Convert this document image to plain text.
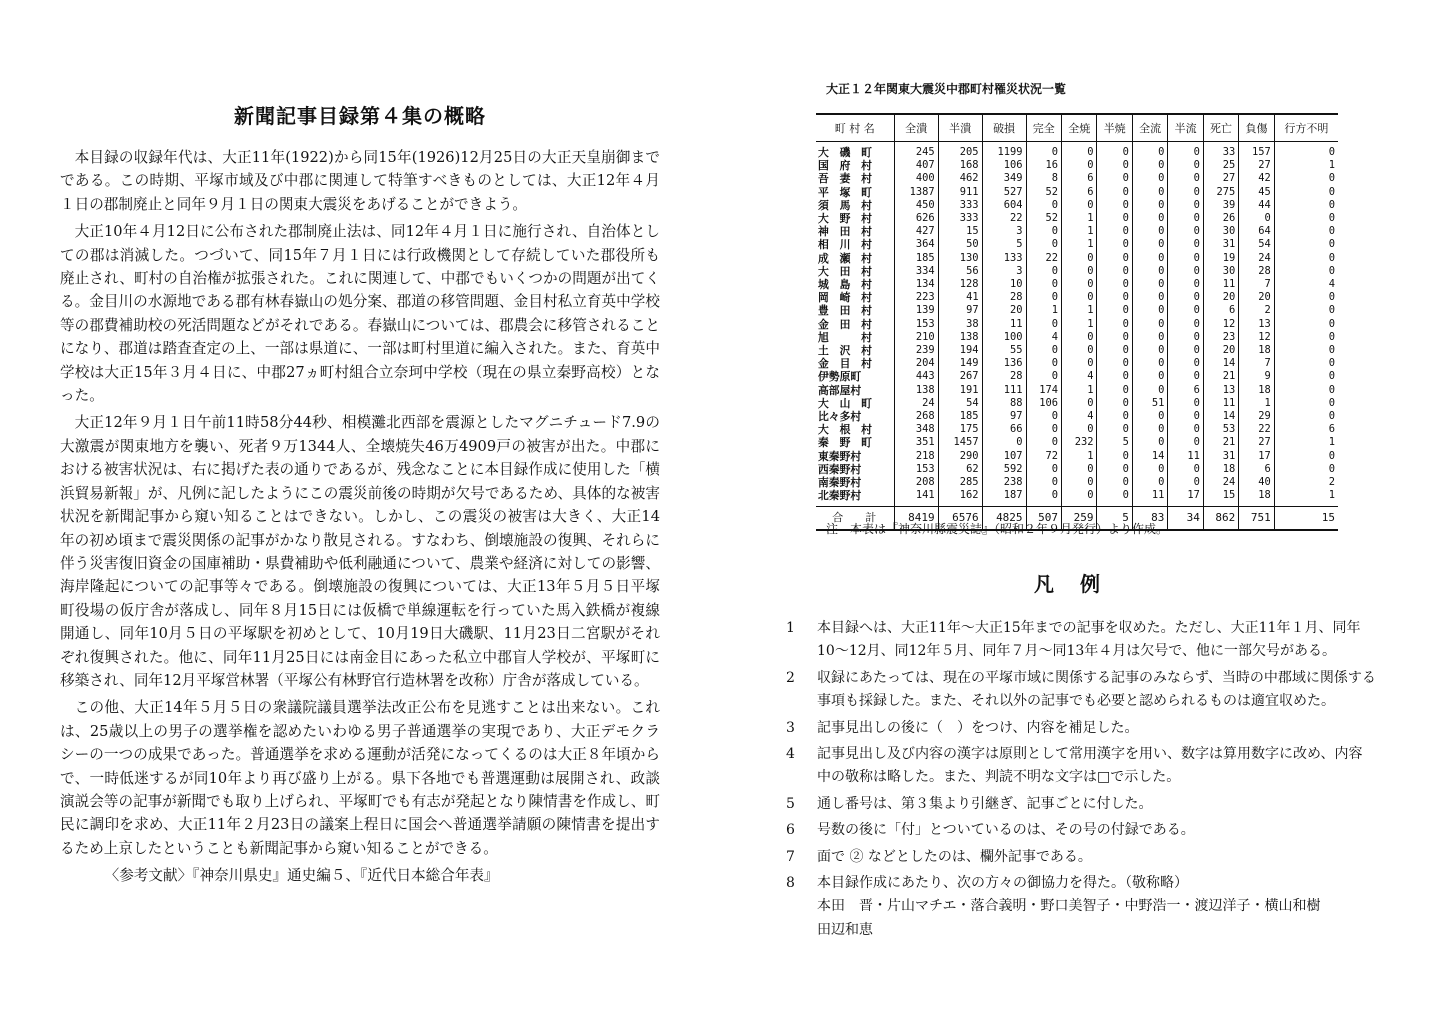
新聞記事目録第４集の概略

本目録の収録年代は、大正11年(1922)から同15年(1926)12月25日の大正天皇崩御までである。この時期、平塚市域及び中郡に関連して特筆すべきものとしては、大正12年４月１日の郡制廃止と同年９月１日の関東大震災をあげることができよう。

大正10年４月12日に公布された郡制廃止法は、同12年４月１日に施行され、自治体としての郡は消滅した。つづいて、同15年７月１日には行政機関として存続していた郡役所も廃止され、町村の自治権が拡張された。これに関連して、中郡でもいくつかの問題が出てくる。金目川の水源地である郡有林春嶽山の処分案、郡道の移管問題、金目村私立育英中学校等の郡費補助校の死活問題などがそれである。春嶽山については、郡農会に移管されることになり、郡道は踏査査定の上、一部は県道に、一部は町村里道に編入された。また、育英中学校は大正15年３月４日に、中郡27ヵ町村組合立奈珂中学校（現在の県立秦野高校）となった。

大正12年９月１日午前11時58分44秒、相模灘北西部を震源としたマグニチュード7.9の大激震が関東地方を襲い、死者９万1344人、全壊焼失46万4909戸の被害が出た。中郡における被害状況は、右に掲げた表の通りであるが、残念なことに本目録作成に使用した「横浜貿易新報」が、凡例に記したようにこの震災前後の時期が欠号であるため、具体的な被害状況を新聞記事から窺い知ることはできない。しかし、この震災の被害は大きく、大正14年の初め頃まで震災関係の記事がかなり散見される。すなわち、倒壊施設の復興、それらに伴う災害復旧資金の国庫補助・県費補助や低利融通について、農業や経済に対しての影響、海岸隆起についての記事等々である。倒壊施設の復興については、大正13年５月５日平塚町役場の仮庁舎が落成し、同年８月15日には仮橋で単線運転を行っていた馬入鉄橋が複線開通し、同年10月５日の平塚駅を初めとして、10月19日大磯駅、11月23日二宮駅がそれぞれ復興された。他に、同年11月25日には南金目にあった私立中郡盲人学校が、平塚町に移築され、同年12月平塚営林署（平塚公有林野官行造林署を改称）庁舎が落成している。

この他、大正14年５月５日の衆議院議員選挙法改正公布を見逃すことは出来ない。これは、25歳以上の男子の選挙権を認めたいわゆる男子普通選挙の実現であり、大正デモクラシーの一つの成果であった。普通選挙を求める運動が活発になってくるのは大正８年頃からで、一時低迷するが同10年より再び盛り上がる。県下各地でも普選運動は展開され、政談演説会等の記事が新聞でも取り上げられ、平塚町でも有志が発起となり陳情書を作成し、町民に調印を求め、大正11年２月23日の議案上程日に国会へ普通選挙請願の陳情書を提出するため上京したということも新聞記事から窺い知ることができる。

〈参考文献〉『神奈川県史』通史編５、『近代日本総合年表』

大正１２年関東大震災中郡町村罹災状況一覧
町 村 名	全潰	半潰	破損	完全	全焼	半焼	全流	半流	死亡	負傷	行方不明
大　磯　町	245	205	1199	0	0	0	0	0	33	157	0
国　府　村	407	168	106	16	0	0	0	0	25	27	1
吾　妻　村	400	462	349	8	6	0	0	0	27	42	0
平　塚　町	1387	911	527	52	6	0	0	0	275	45	0
須　馬　村	450	333	604	0	0	0	0	0	39	44	0
大　野　村	626	333	22	52	1	0	0	0	26	0	0
神　田　村	427	15	3	0	1	0	0	0	30	64	0
相　川　村	364	50	5	0	1	0	0	0	31	54	0
成　瀬　村	185	130	133	22	0	0	0	0	19	24	0
大　田　村	334	56	3	0	0	0	0	0	30	28	0
城　島　村	134	128	10	0	0	0	0	0	11	7	4
岡　崎　村	223	41	28	0	0	0	0	0	20	20	0
豊　田　村	139	97	20	1	1	0	0	0	6	2	0
金　田　村	153	38	11	0	1	0	0	0	12	13	0
旭　　　村	210	138	100	4	0	0	0	0	23	12	0
土　沢　村	239	194	55	0	0	0	0	0	20	18	0
金　目　村	204	149	136	0	0	0	0	0	14	7	0
伊勢原町	443	267	28	0	4	0	0	0	21	9	0
高部屋村	138	191	111	174	1	0	0	6	13	18	0
大　山　町	24	54	88	106	0	0	51	0	11	1	0
比々多村	268	185	97	0	4	0	0	0	14	29	0
大　根　村	348	175	66	0	0	0	0	0	53	22	6
秦　野　町	351	1457	0	0	232	5	0	0	21	27	1
東秦野村	218	290	107	72	1	0	14	11	31	17	0
西秦野村	153	62	592	0	0	0	0	0	18	6	0
南秦野村	208	285	238	0	0	0	0	0	24	40	2
北秦野村	141	162	187	0	0	0	11	17	15	18	1
合　　計	8419	6576	4825	507	259	5	83	34	862	751	15
注　本表は『神奈川縣震災誌』（昭和２年９月発行）より作成。
凡例
1	本目録へは、大正11年～大正15年までの記事を収めた。ただし、大正11年１月、同年10～12月、同12年５月、同年７月～同13年４月は欠号で、他に一部欠号がある。
2	収録にあたっては、現在の平塚市域に関係する記事のみならず、当時の中郡域に関係する事項も採録した。また、それ以外の記事でも必要と認められるものは適宜収めた。
3	記事見出しの後に（　）をつけ、内容を補足した。
4	記事見出し及び内容の漢字は原則として常用漢字を用い、数字は算用数字に改め、内容中の敬称は略した。また、判読不明な文字は□で示した。
5	通し番号は、第３集より引継ぎ、記事ごとに付した。
6	号数の後に「付」とついているのは、その号の付録である。
7	面で ② などとしたのは、欄外記事である。
8	本目録作成にあたり、次の方々の御協力を得た。（敬称略）
本田　晋・片山マチエ・落合義明・野口美智子・中野浩一・渡辺洋子・横山和樹
田辺和恵
